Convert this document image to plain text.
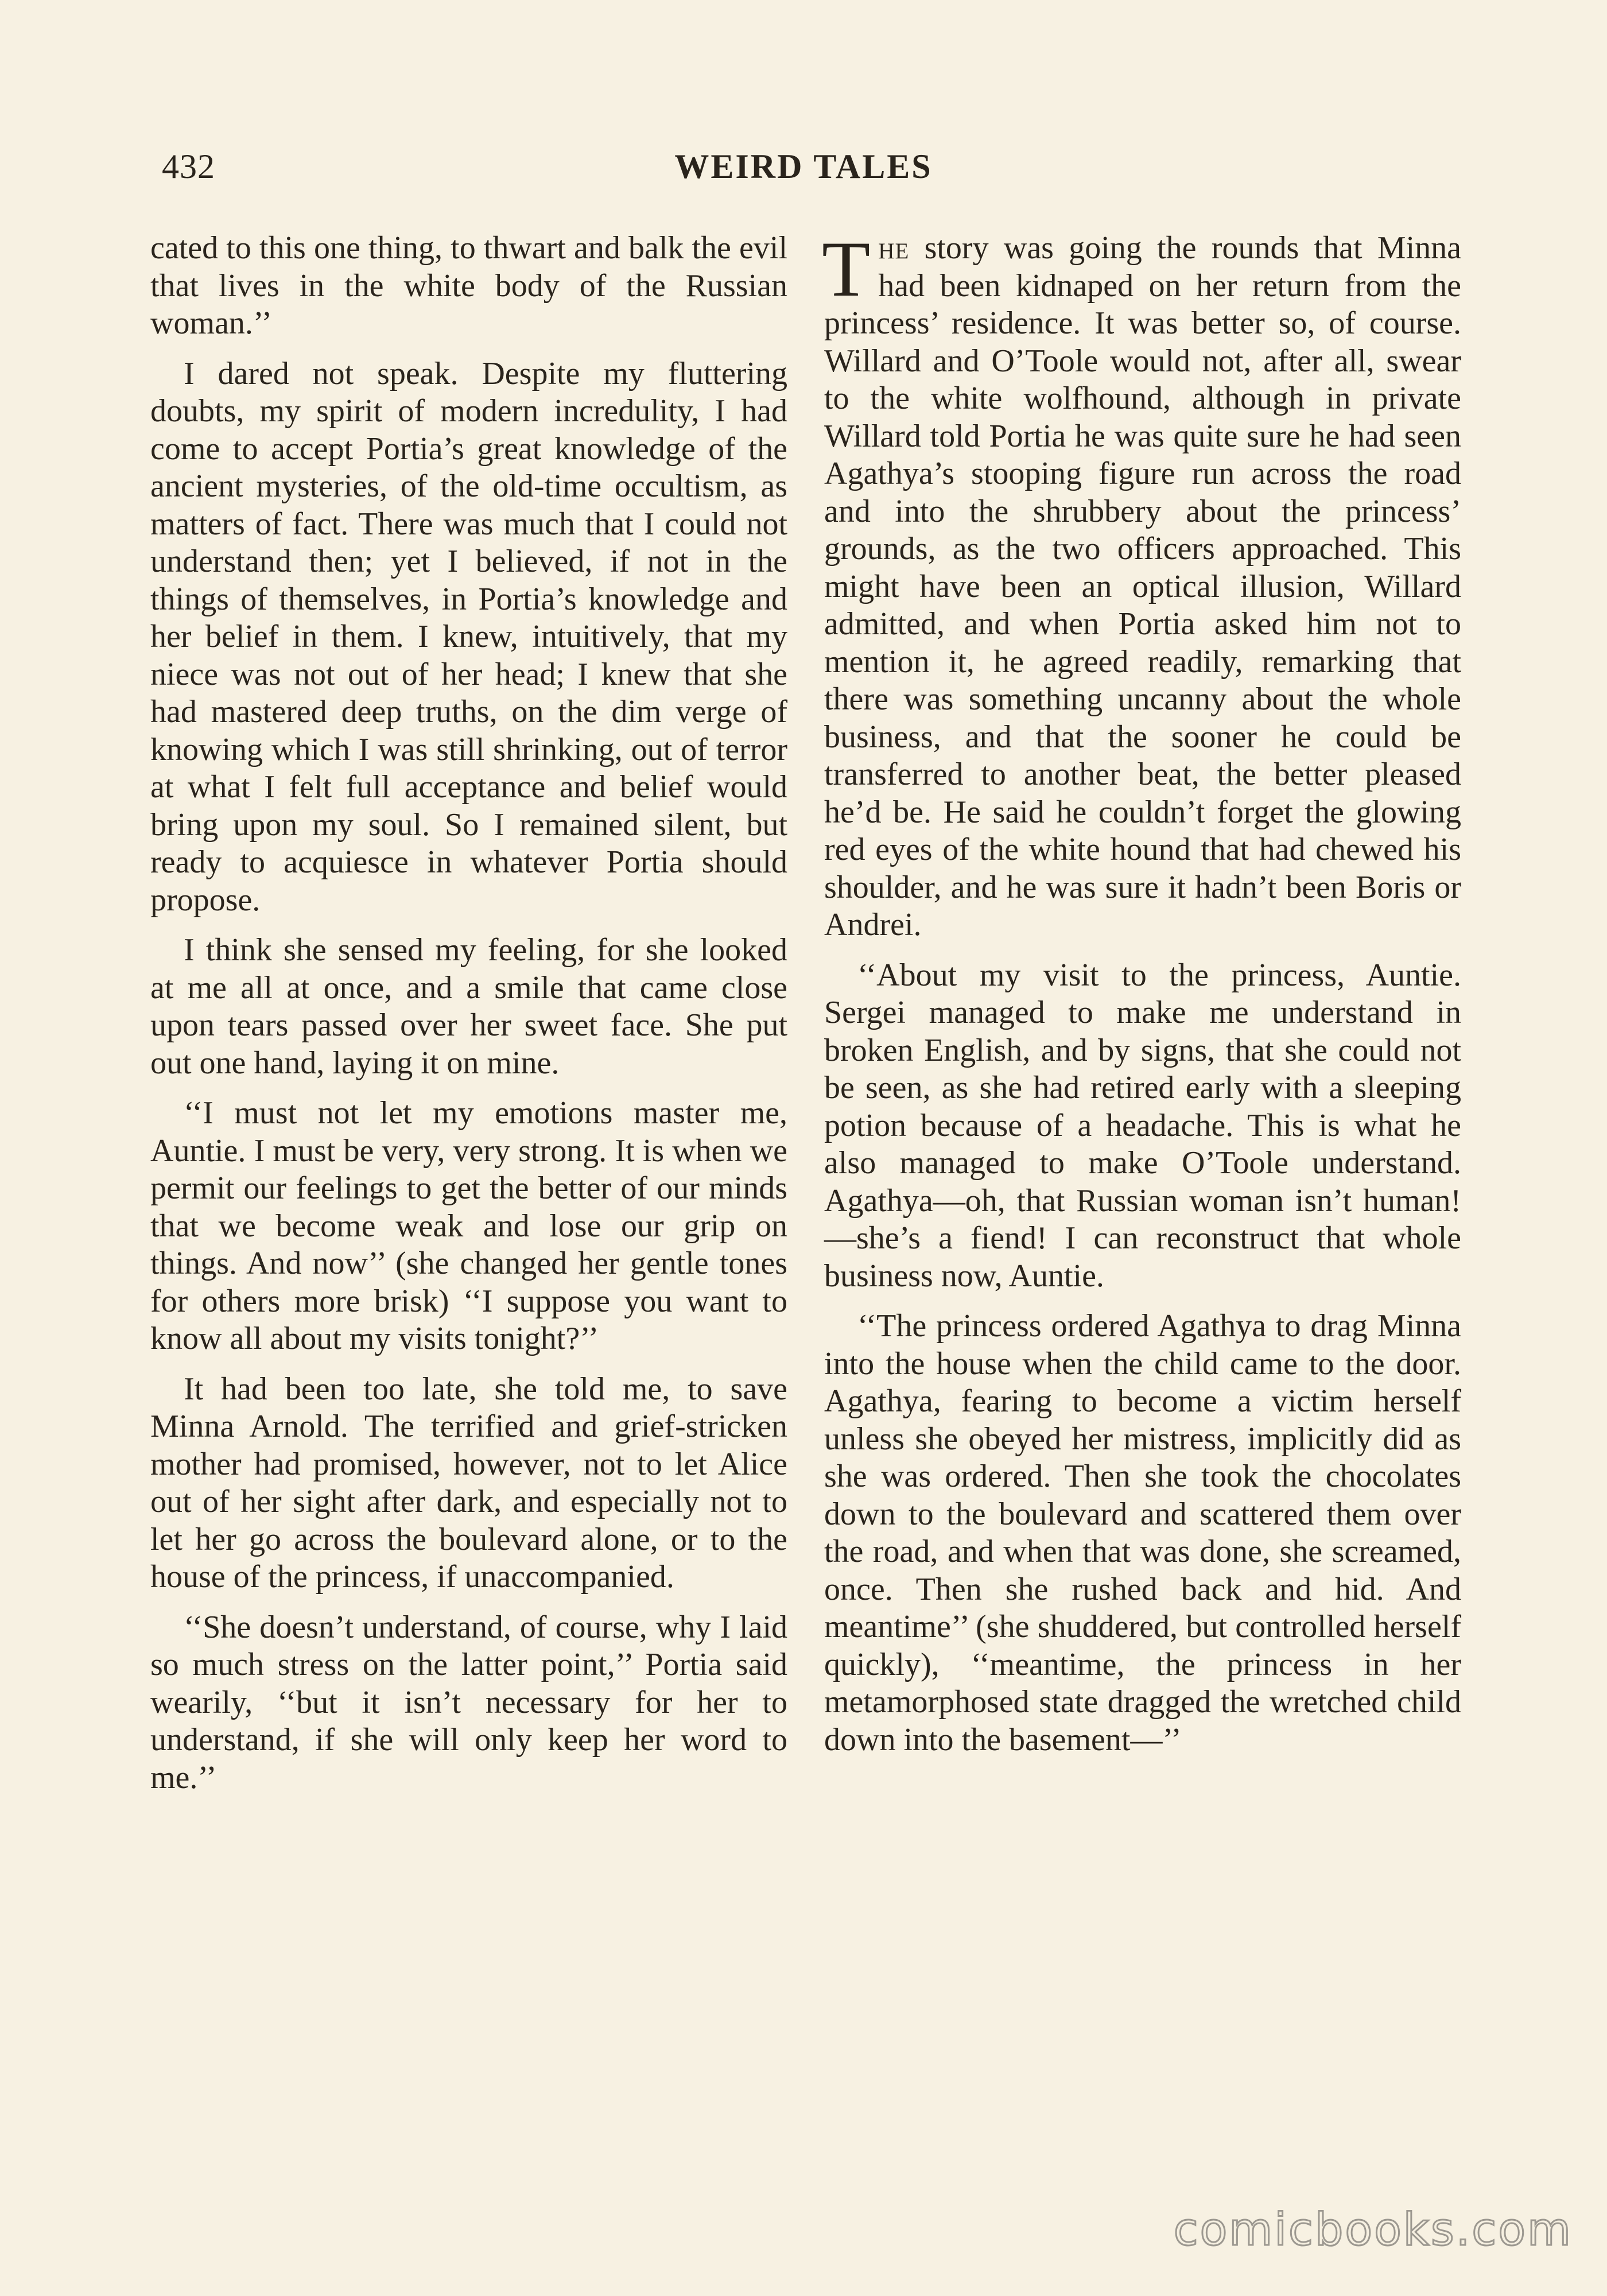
432	WEIRD TALES

cated to this one thing, to thwart and balk the evil that lives in the white body of the Russian woman.’’

I dared not speak. Despite my fluttering doubts, my spirit of modern incredulity, I had come to accept Portia’s great knowledge of the ancient mysteries, of the old-time occultism, as matters of fact. There was much that I could not understand then; yet I believed, if not in the things of themselves, in Portia’s knowledge and her belief in them. I knew, intuitively, that my niece was not out of her head; I knew that she had mastered deep truths, on the dim verge of knowing which I was still shrinking, out of terror at what I felt full acceptance and belief would bring upon my soul. So I remained silent, but ready to acquiesce in whatever Portia should propose.

I think she sensed my feeling, for she looked at me all at once, and a smile that came close upon tears passed over her sweet face. She put out one hand, laying it on mine.

‘‘I must not let my emotions master me, Auntie. I must be very, very strong. It is when we permit our feelings to get the better of our minds that we become weak and lose our grip on things. And now’’ (she changed her gentle tones for others more brisk) ‘‘I suppose you want to know all about my visits tonight?’’

It had been too late, she told me, to save Minna Arnold. The terrified and grief-stricken mother had promised, however, not to let Alice out of her sight after dark, and especially not to let her go across the boulevard alone, or to the house of the princess, if unaccompanied.

‘‘She doesn’t understand, of course, why I laid so much stress on the latter point,’’ Portia said wearily, ‘‘but it isn’t necessary for her to understand, if she will only keep her word to me.’’

The story was going the rounds that Minna had been kidnaped on her return from the princess’ residence. It was better so, of course. Willard and O’Toole would not, after all, swear to the white wolfhound, although in private Willard told Portia he was quite sure he had seen Agathya’s stooping figure run across the road and into the shrubbery about the princess’ grounds, as the two officers approached. This might have been an optical illusion, Willard admitted, and when Portia asked him not to mention it, he agreed readily, remarking that there was something uncanny about the whole business, and that the sooner he could be transferred to another beat, the better pleased he’d be. He said he couldn’t forget the glowing red eyes of the white hound that had chewed his shoulder, and he was sure it hadn’t been Boris or Andrei.

‘‘About my visit to the princess, Auntie. Sergei managed to make me understand in broken English, and by signs, that she could not be seen, as she had retired early with a sleeping potion because of a headache. This is what he also managed to make O’Toole understand. Agathya—oh, that Russian woman isn’t human!—she’s a fiend! I can reconstruct that whole business now, Auntie.

‘‘The princess ordered Agathya to drag Minna into the house when the child came to the door. Agathya, fearing to become a victim herself unless she obeyed her mistress, implicitly did as she was ordered. Then she took the chocolates down to the boulevard and scattered them over the road, and when that was done, she screamed, once. Then she rushed back and hid. And meantime’’ (she shuddered, but controlled herself quickly), ‘‘meantime, the princess in her metamorphosed state dragged the wretched child down into the basement—’’

comicbooks.com
